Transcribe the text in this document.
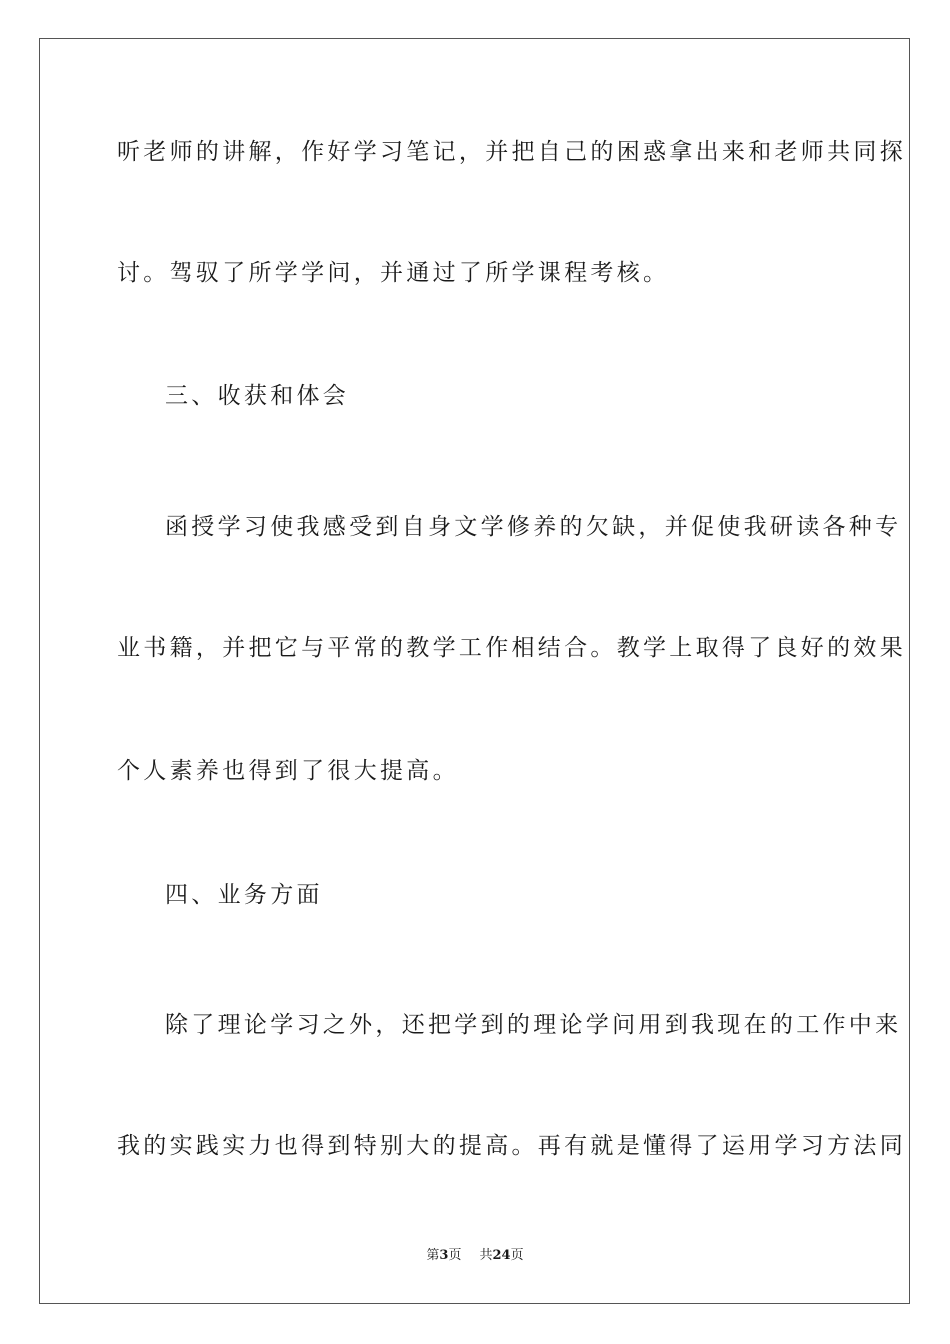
听老师的讲解，作好学习笔记，并把自己的困惑拿出来和老师共同探
讨。驾驭了所学学问，并通过了所学课程考核。
三、收获和体会
函授学习使我感受到自身文学修养的欠缺，并促使我研读各种专
业书籍，并把它与平常的教学工作相结合。教学上取得了良好的效果
个人素养也得到了很大提高。
四、业务方面
除了理论学习之外，还把学到的理论学问用到我现在的工作中来
我的实践实力也得到特别大的提高。再有就是懂得了运用学习方法同
第3页 共24页
